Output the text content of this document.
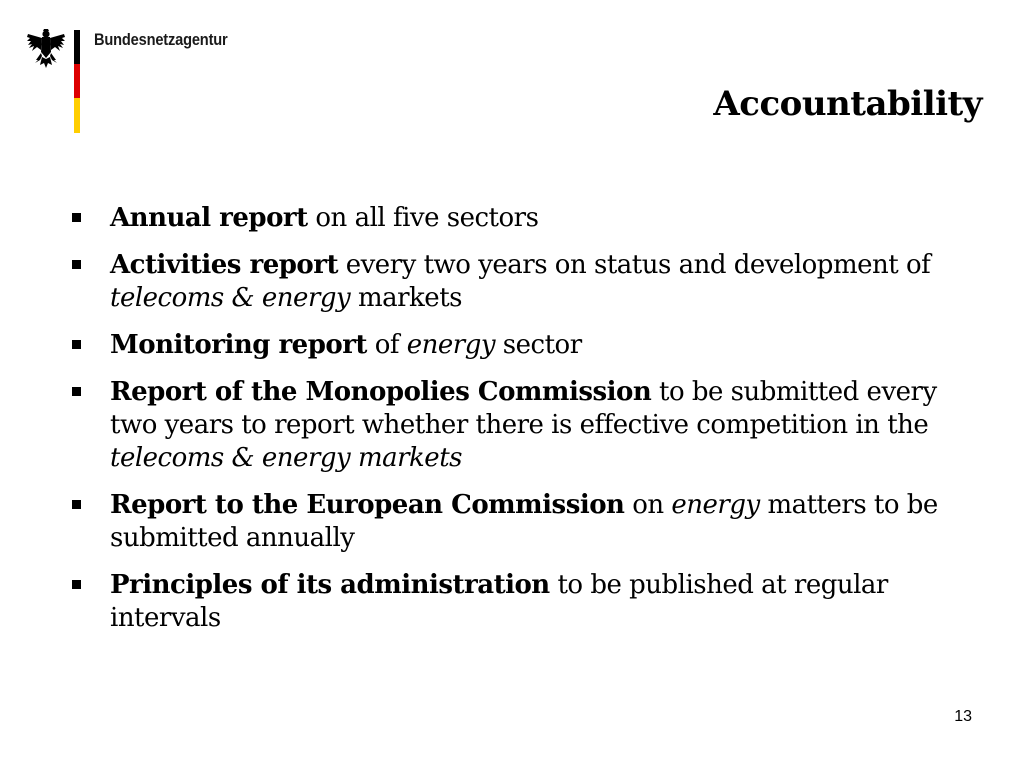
Bundesnetzagentur
Accountability
Annual report on all five sectors
Activities report every two years on status and development of telecoms & energy markets
Monitoring report of energy sector
Report of the Monopolies Commission to be submitted every two years to report whether there is effective competition in the telecoms & energy markets
Report to the European Commission on energy matters to be submitted annually
Principles of its administration to be published at regular intervals
13
